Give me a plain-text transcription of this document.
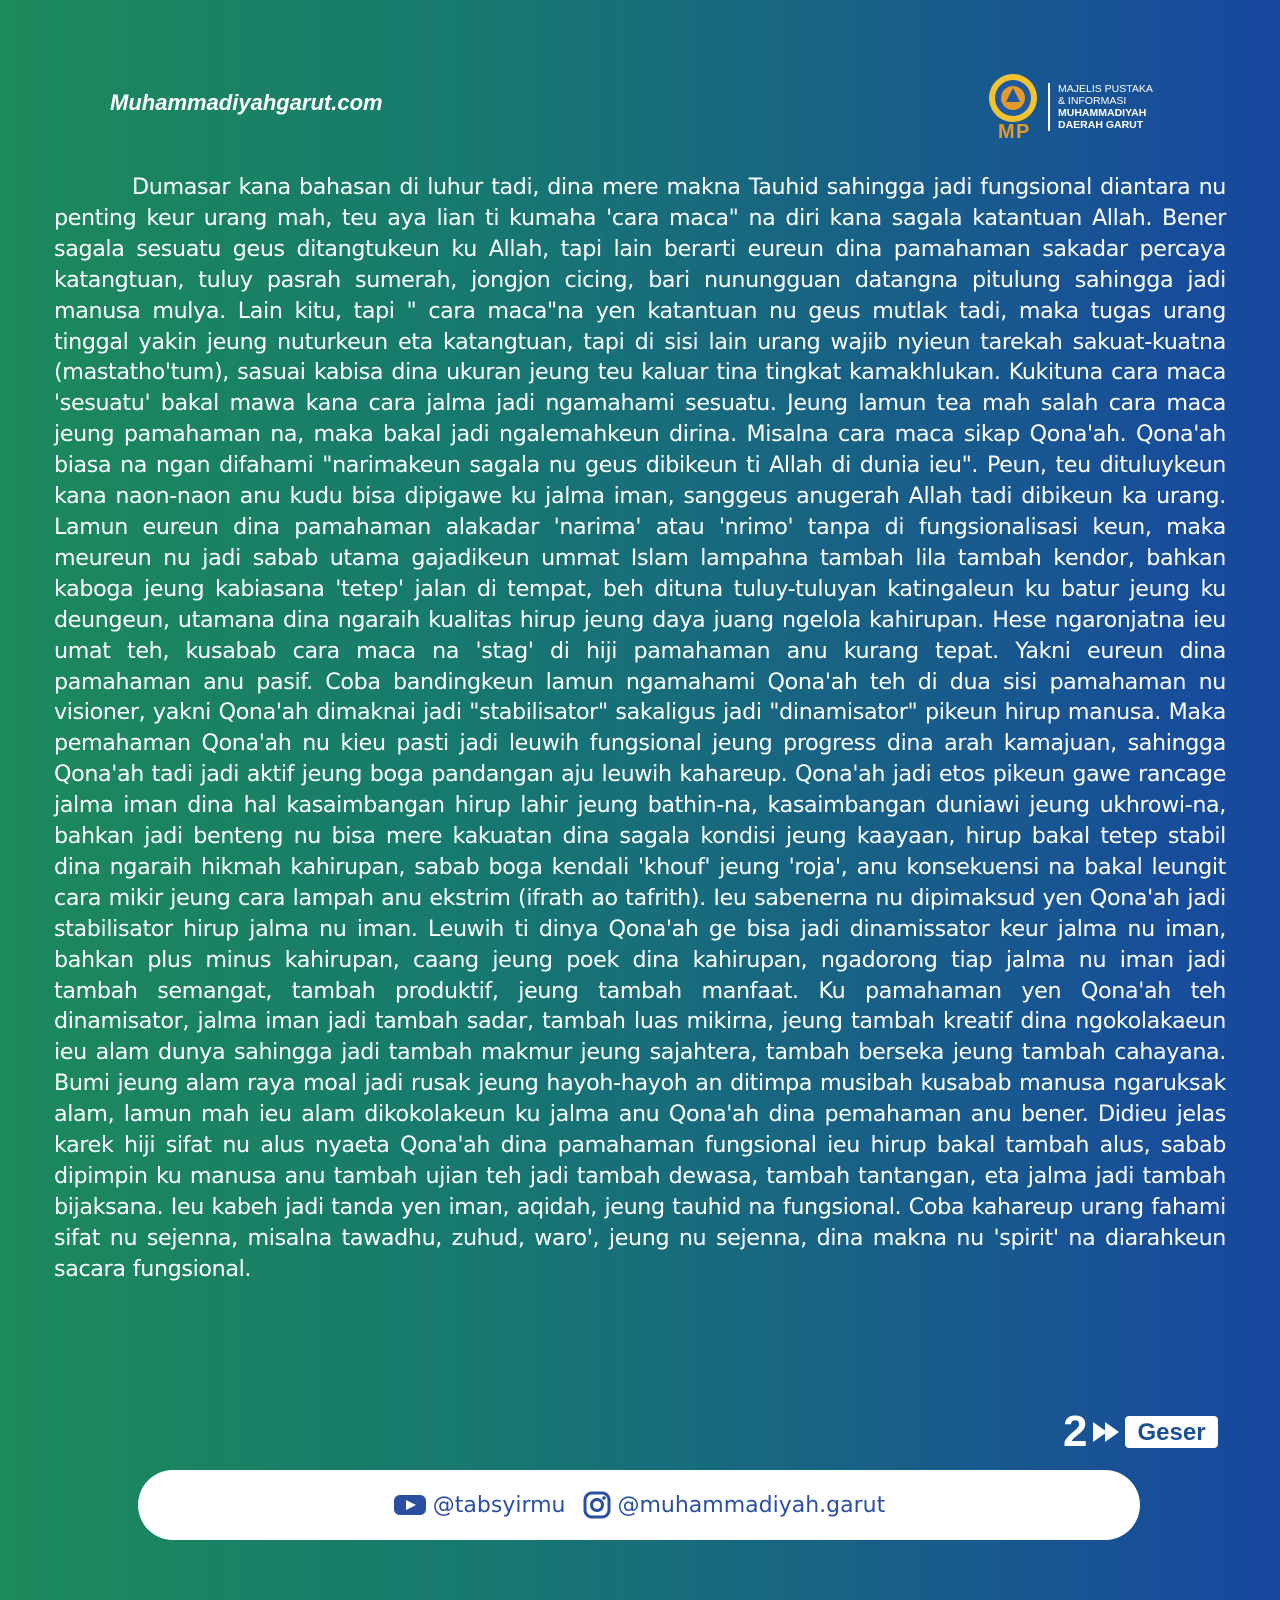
Muhammadiyahgarut.com
M P
MAJELIS PUSTAKA
& INFORMASI
MUHAMMADIYAH
DAERAH GARUT

Dumasar kana bahasan di luhur tadi, dina mere makna Tauhid sahingga jadi fungsional diantara nu penting keur urang mah, teu aya lian ti kumaha 'cara maca" na diri kana sagala katantuan Allah. Bener sagala sesuatu geus ditangtukeun ku Allah, tapi lain berarti eureun dina pamahaman sakadar percaya katangtuan, tuluy pasrah sumerah, jongjon cicing, bari nunungguan datangna pitulung sahingga jadi manusa mulya. Lain kitu, tapi " cara maca"na yen katantuan nu geus mutlak tadi, maka tugas urang tinggal yakin jeung nuturkeun eta katangtuan, tapi di sisi lain urang wajib nyieun tarekah sakuat-kuatna (mastatho'tum), sasuai kabisa dina ukuran jeung teu kaluar tina tingkat kamakhlukan. Kukituna cara maca 'sesuatu' bakal mawa kana cara jalma jadi ngamahami sesuatu. Jeung lamun tea mah salah cara maca jeung pamahaman na, maka bakal jadi ngalemahkeun dirina. Misalna cara maca sikap Qona'ah. Qona'ah biasa na ngan difahami "narimakeun sagala nu geus dibikeun ti Allah di dunia ieu". Peun, teu dituluykeun kana naon-naon anu kudu bisa dipigawe ku jalma iman, sanggeus anugerah Allah tadi dibikeun ka urang. Lamun eureun dina pamahaman alakadar 'narima' atau 'nrimo' tanpa di fungsionalisasi keun, maka meureun nu jadi sabab utama gajadikeun ummat Islam lampahna tambah lila tambah kendor, bahkan kaboga jeung kabiasana 'tetep' jalan di tempat, beh dituna tuluy-tuluyan katingaleun ku batur jeung ku deungeun, utamana dina ngaraih kualitas hirup jeung daya juang ngelola kahirupan. Hese ngaronjatna ieu umat teh, kusabab cara maca na 'stag' di hiji pamahaman anu kurang tepat. Yakni eureun dina pamahaman anu pasif. Coba bandingkeun lamun ngamahami Qona'ah teh di dua sisi pamahaman nu visioner, yakni Qona'ah dimaknai jadi "stabilisator" sakaligus jadi "dinamisator" pikeun hirup manusa. Maka pemahaman Qona'ah nu kieu pasti jadi leuwih fungsional jeung progress dina arah kamajuan, sahingga Qona'ah tadi jadi aktif jeung boga pandangan aju leuwih kahareup. Qona'ah jadi etos pikeun gawe rancage jalma iman dina hal kasaimbangan hirup lahir jeung bathin-na, kasaimbangan duniawi jeung ukhrowi-na, bahkan jadi benteng nu bisa mere kakuatan dina sagala kondisi jeung kaayaan, hirup bakal tetep stabil dina ngaraih hikmah kahirupan, sabab boga kendali 'khouf' jeung 'roja', anu konsekuensi na bakal leungit cara mikir jeung cara lampah anu ekstrim (ifrath ao tafrith). Ieu sabenerna nu dipimaksud yen Qona'ah jadi stabilisator hirup jalma nu iman. Leuwih ti dinya Qona'ah ge bisa jadi dinamissator keur jalma nu iman, bahkan plus minus kahirupan, caang jeung poek dina kahirupan, ngadorong tiap jalma nu iman jadi tambah semangat, tambah produktif, jeung tambah manfaat. Ku pamahaman yen Qona'ah teh dinamisator, jalma iman jadi tambah sadar, tambah luas mikirna, jeung tambah kreatif dina ngokolakaeun ieu alam dunya sahingga jadi tambah makmur jeung sajahtera, tambah berseka jeung tambah cahayana. Bumi jeung alam raya moal jadi rusak jeung hayoh-hayoh an ditimpa musibah kusabab manusa ngaruksak alam, lamun mah ieu alam dikokolakeun ku jalma anu Qona'ah dina pemahaman anu bener. Didieu jelas karek hiji sifat nu alus nyaeta Qona'ah dina pamahaman fungsional ieu hirup bakal tambah alus, sabab dipimpin ku manusa anu tambah ujian teh jadi tambah dewasa, tambah tantangan, eta jalma jadi tambah bijaksana. Ieu kabeh jadi tanda yen iman, aqidah, jeung tauhid na fungsional. Coba kahareup urang fahami sifat nu sejenna, misalna tawadhu, zuhud, waro', jeung nu sejenna, dina makna nu 'spirit' na diarahkeun sacara fungsional.

2	Geser
@tabsyirmu @muhammadiyah.garut
